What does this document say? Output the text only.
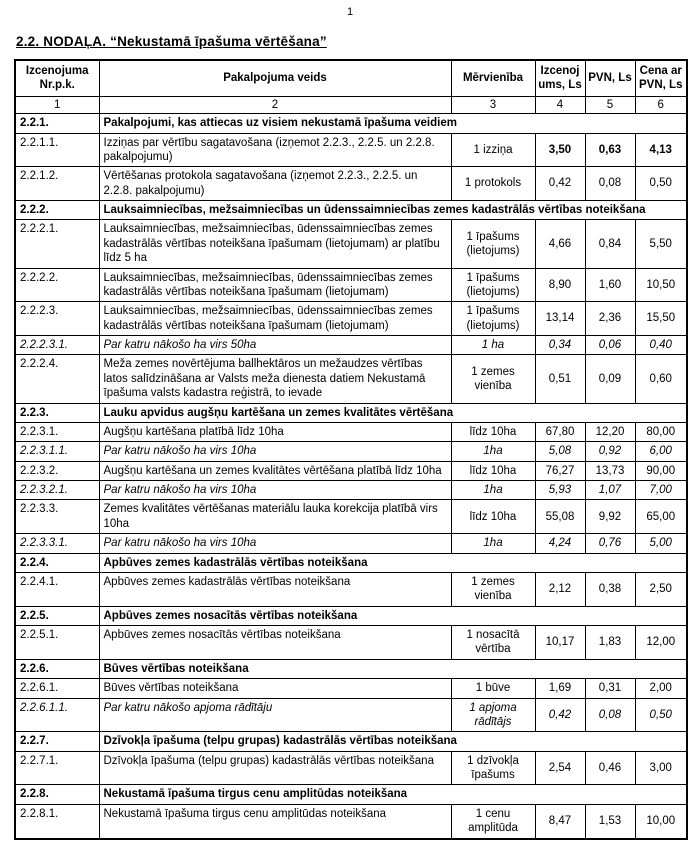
1
2.2. NODAĻA. “Nekustamā īpašuma vērtēšana”
Izcenojuma Nr.p.k.	Pakalpojuma veids	Mērvienība	Izcenojums, Ls	PVN, Ls	Cena ar PVN, Ls
1	2	3	4	5	6
2.2.1.	Pakalpojumi, kas attiecas uz visiem nekustamā īpašuma veidiem				
2.2.1.1.	Izziņas par vērtību sagatavošana (izņemot 2.2.3., 2.2.5. un 2.2.8. pakalpojumu)	1 izziņa	3,50	0,63	4,13
2.2.1.2.	Vērtēšanas protokola sagatavošana (izņemot 2.2.3., 2.2.5. un 2.2.8. pakalpojumu)	1 protokols	0,42	0,08	0,50
2.2.2.	Lauksaimniecības, mežsaimniecības un ūdenssaimniecības zemes kadastrālās vērtības noteikšana				
2.2.2.1.	Lauksaimniecības, mežsaimniecības, ūdenssaimniecības zemes kadastrālās vērtības noteikšana īpašumam (lietojumam) ar platību līdz 5 ha	1 īpašums (lietojums)	4,66	0,84	5,50
2.2.2.2.	Lauksaimniecības, mežsaimniecības, ūdenssaimniecības zemes kadastrālās vērtības noteikšana īpašumam (lietojumam)	1 īpašums (lietojums)	8,90	1,60	10,50
2.2.2.3.	Lauksaimniecības, mežsaimniecības, ūdenssaimniecības zemes kadastrālās vērtības noteikšana īpašumam (lietojumam)	1 īpašums (lietojums)	13,14	2,36	15,50
2.2.2.3.1.	Par katru nākošo ha virs 50ha	1 ha	0,34	0,06	0,40
2.2.2.4.	Meža zemes novērtējuma ballhektāros un mežaudzes vērtības latos salīdzināšana ar Valsts meža dienesta datiem Nekustamā īpašuma valsts kadastra reģistrā, to ievade	1 zemes vienība	0,51	0,09	0,60
2.2.3.	Lauku apvidus augšņu kartēšana un zemes kvalitātes vērtēšana				
2.2.3.1.	Augšņu kartēšana platībā līdz 10ha	līdz 10ha	67,80	12,20	80,00
2.2.3.1.1.	Par katru nākošo ha virs 10ha	1ha	5,08	0,92	6,00
2.2.3.2.	Augšņu kartēšana un zemes kvalitātes vērtēšana platībā līdz 10ha	līdz 10ha	76,27	13,73	90,00
2.2.3.2.1.	Par katru nākošo ha virs 10ha	1ha	5,93	1,07	7,00
2.2.3.3.	Zemes kvalitātes vērtēšanas materiālu lauka korekcija platībā virs 10ha	līdz 10ha	55,08	9,92	65,00
2.2.3.3.1.	Par katru nākošo ha virs 10ha	1ha	4,24	0,76	5,00
2.2.4.	Apbūves zemes kadastrālās vērtības noteikšana				
2.2.4.1.	Apbūves zemes kadastrālās vērtības noteikšana	1 zemes vienība	2,12	0,38	2,50
2.2.5.	Apbūves zemes nosacītās vērtības noteikšana				
2.2.5.1.	Apbūves zemes nosacītās vērtības noteikšana	1 nosacītā vērtība	10,17	1,83	12,00
2.2.6.	Būves vērtības noteikšana				
2.2.6.1.	Būves vērtības noteikšana	1 būve	1,69	0,31	2,00
2.2.6.1.1.	Par katru nākošo apjoma rādītāju	1 apjoma rādītājs	0,42	0,08	0,50
2.2.7.	Dzīvokļa īpašuma (telpu grupas) kadastrālās vērtības noteikšana				
2.2.7.1.	Dzīvokļa īpašuma (telpu grupas) kadastrālās vērtības noteikšana	1 dzīvokļa īpašums	2,54	0,46	3,00
2.2.8.	Nekustamā īpašuma tirgus cenu amplitūdas noteikšana				
2.2.8.1.	Nekustamā īpašuma tirgus cenu amplitūdas noteikšana	1 cenu amplitūda	8,47	1,53	10,00
